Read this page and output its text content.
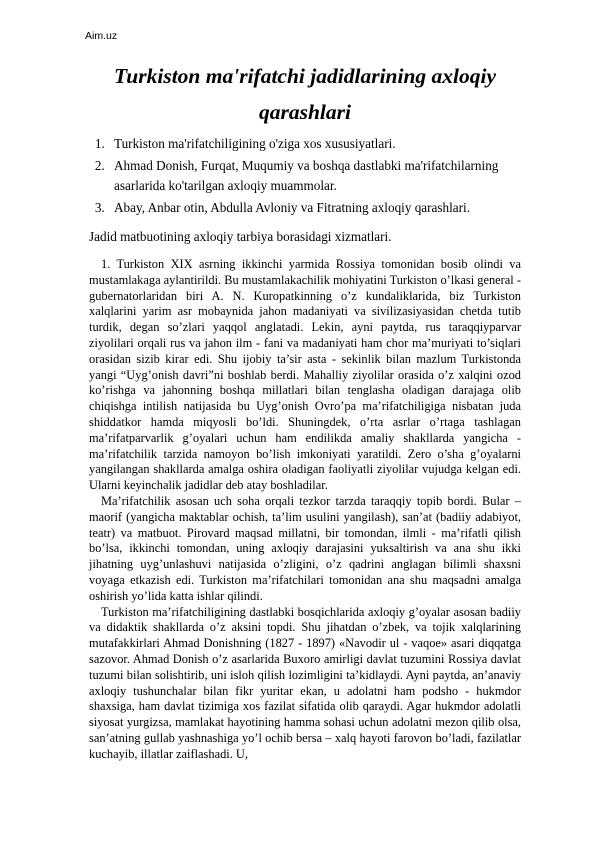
Aim.uz
Turkiston ma'rifatchi jadidlarining axloqiy qarashlari
1. Turkiston ma'rifatchiligining o'ziga xos xususiyatlari.
2. Ahmad Donish, Furqat, Muqumiy va boshqa dastlabki ma'rifatchilarning asarlarida ko'tarilgan axloqiy muammolar.
3. Abay, Anbar otin, Abdulla Avloniy va Fitratning axloqiy qarashlari.

Jadid matbuotining axloqiy tarbiya borasidagi xizmatlari.

1. Turkiston XIX asrning ikkinchi yarmida Rossiya tomonidan bosib olindi va mustamlakaga aylantirildi. Bu mustamlakachilik mohiyatini Turkiston o’lkasi general - gubernatorlaridan biri A. N. Kuropatkinning o’z kundaliklarida, biz Turkiston xalqlarini yarim asr mobaynida jahon madaniyati va sivilizasiyasidan chetda tutib turdik, degan so’zlari yaqqol anglatadi. Lekin, ayni paytda, rus taraqqiyparvar ziyolilari orqali rus va jahon ilm - fani va madaniyati ham chor ma’muriyati to’siqlari orasidan sizib kirar edi. Shu ijobiy ta’sir asta - sekinlik bilan mazlum Turkistonda yangi “Uyg’onish davri”ni boshlab berdi. Mahalliy ziyolilar orasida o’z xalqini ozod ko’rishga va jahonning boshqa millatlari bilan tenglasha oladigan darajaga olib chiqishga intilish natijasida bu Uyg’onish Ovro’pa ma’rifatchiligiga nisbatan juda shiddatkor hamda miqyosli bo’ldi. Shuningdek, o’rta asrlar o’rtaga tashlagan ma’rifatparvarlik g’oyalari uchun ham endilikda amaliy shakllarda yangicha - ma’rifatchilik tarzida namoyon bo’lish imkoniyati yaratildi. Zero o’sha g’oyalarni yangilangan shakllarda amalga oshira oladigan faoliyatli ziyolilar vujudga kelgan edi. Ularni keyinchalik jadidlar deb atay boshladilar.

Ma’rifatchilik asosan uch soha orqali tezkor tarzda taraqqiy topib bordi. Bular – maorif (yangicha maktablar ochish, ta’lim usulini yangilash), san’at (badiiy adabiyot, teatr) va matbuot. Pirovard maqsad millatni, bir tomondan, ilmli - ma’rifatli qilish bo’lsa, ikkinchi tomondan, uning axloqiy darajasini yuksaltirish va ana shu ikki jihatning uyg’unlashuvi natijasida o’zligini, o’z qadrini anglagan bilimli shaxsni voyaga etkazish edi. Turkiston ma’rifatchilari tomonidan ana shu maqsadni amalga oshirish yo’lida katta ishlar qilindi.

Turkiston ma’rifatchiligining dastlabki bosqichlarida axloqiy g’oyalar asosan badiiy va didaktik shakllarda o’z aksini topdi. Shu jihatdan o’zbek, va tojik xalqlarining mutafakkirlari Ahmad Donishning (1827 - 1897) «Navodir ul - vaqoe» asari diqqatga sazovor. Ahmad Donish o’z asarlarida Buxoro amirligi davlat tuzumini Rossiya davlat tuzumi bilan solishtirib, uni isloh qilish lozimligini ta’kidlaydi. Ayni paytda, an’anaviy axloqiy tushunchalar bilan fikr yuritar ekan, u adolatni ham podsho - hukmdor shaxsiga, ham davlat tizimiga xos fazilat sifatida olib qaraydi. Agar hukmdor adolatli siyosat yurgizsa, mamlakat hayotining hamma sohasi uchun adolatni mezon qilib olsa, san’atning gullab yashnashiga yo’l ochib bersa – xalq hayoti farovon bo’ladi, fazilatlar kuchayib, illatlar zaiflashadi. U,
